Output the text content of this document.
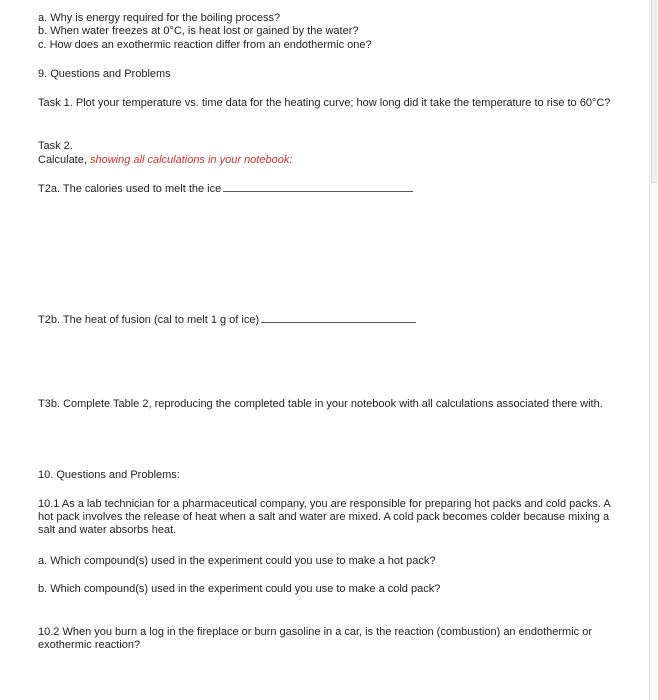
a. Why is energy required for the boiling process?
b. When water freezes at 0°C, is heat lost or gained by the water?
c. How does an exothermic reaction differ from an endothermic one?
9. Questions and Problems
Task 1. Plot your temperature vs. time data for the heating curve; how long did it take the temperature to rise to 60°C?
Task 2.
Calculate, showing all calculations in your notebook:
T2a. The calories used to melt the ice
T2b. The heat of fusion (cal to melt 1 g of ice)
T3b. Complete Table 2, reproducing the completed table in your notebook with all calculations associated there with.
10. Questions and Problems:
10.1 As a lab technician for a pharmaceutical company, you are responsible for preparing hot packs and cold packs. A hot pack involves the release of heat when a salt and water are mixed. A cold pack becomes colder because mixing a salt and water absorbs heat.
a. Which compound(s) used in the experiment could you use to make a hot pack?
b. Which compound(s) used in the experiment could you use to make a cold pack?
10.2 When you burn a log in the fireplace or burn gasoline in a car, is the reaction (combustion) an endothermic or exothermic reaction?
